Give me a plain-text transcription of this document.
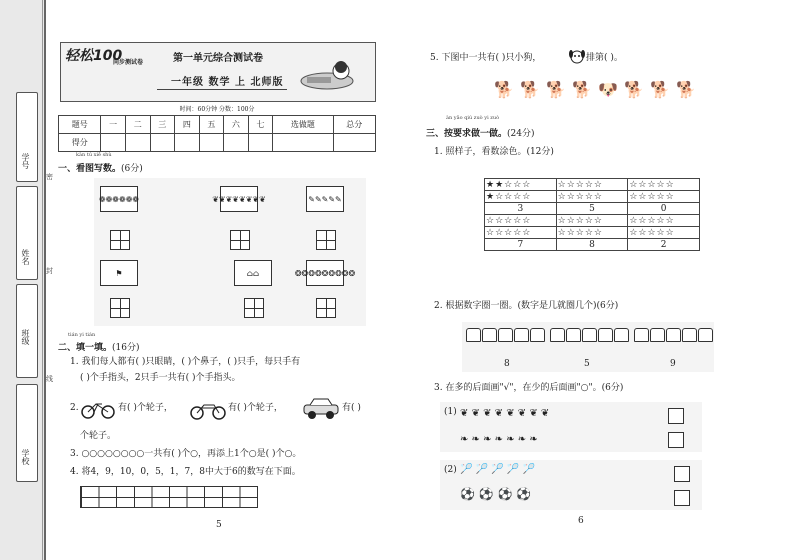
学号
姓名
班级
学校
密
封
线
轻松100
同步测试卷	第一单元综合测试卷
一年级 数学 上 北师版
时间：60分钟 分数：100分
题号	一	二	三	四	五	六	七	选做题	总分
得分									
kàn tú xiě shù
一、看图写数。(6分)
❁❁❁❁❁❁	❦❦❦❦❦❦❦❦	✎✎✎✎✎
⚑	⌂⌂	❂❂❂❂❂❂❂❂❂
tián yi tián
二、填一填。(16分)
1. 我们每人都有( )只眼睛，( )个鼻子，( )只手，每只手有
( )个手指头，2只手一共有( )个手指头。
2.	有( )个轮子，	有( )个轮子，	有( )
个轮子。
3. ○○○○○○○○一共有( )个○，再添上1个○是( )个○。
4. 将4，9，10，0，5，1，7，8中大于6的数写在下面。
5
5. 下图中一共有( )只小狗，	排第( )。
🐕 🐕 🐕 🐕 🐶 🐕 🐕 🐕
àn yāo qiú zuò yi zuò
三、按要求做一做。(24分)
1. 照样子，看数涂色。(12分)
★★☆☆☆	☆☆☆☆☆	☆☆☆☆☆
★☆☆☆☆	☆☆☆☆☆	☆☆☆☆☆
3	5	0
☆☆☆☆☆	☆☆☆☆☆	☆☆☆☆☆
☆☆☆☆☆	☆☆☆☆☆	☆☆☆☆☆
7	8	2
2. 根据数字圈一圈。(数字是几就圈几个)(6分)
8	5	9
3. 在多的后面画"√"，在少的后面画"○"。(6分)
(1) ❦ ❦ ❦ ❦ ❦ ❦ ❦ ❦
❧ ❧ ❧ ❧ ❧ ❧ ❧
(2) 🏸 🏸 🏸 🏸 🏸
⚽ ⚽ ⚽ ⚽
6
